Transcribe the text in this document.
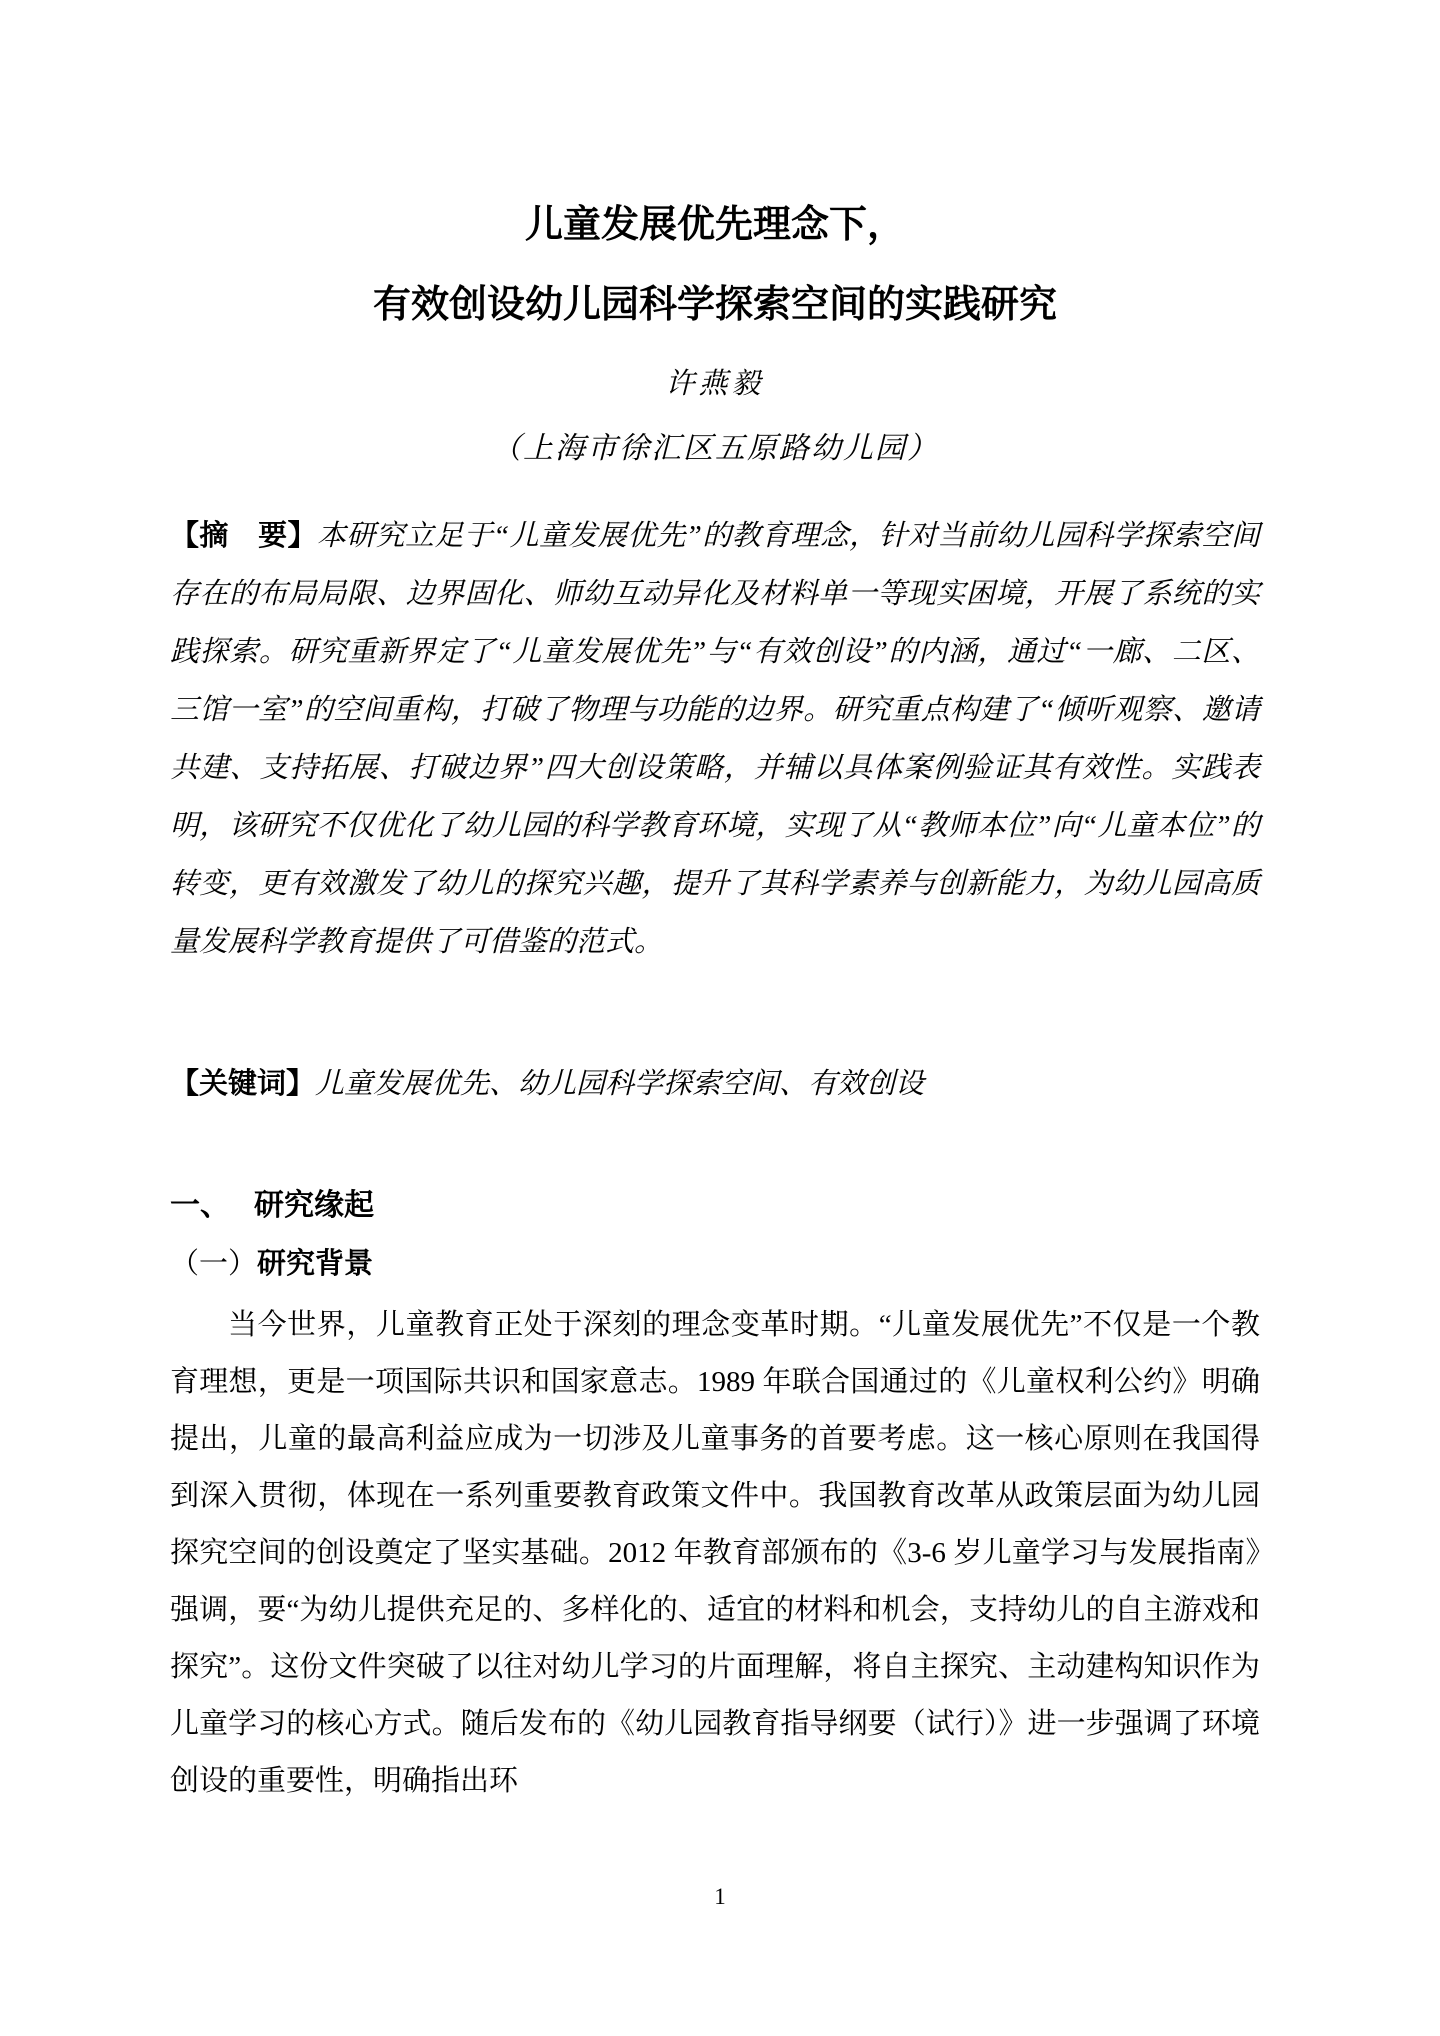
儿童发展优先理念下，
有效创设幼儿园科学探索空间的实践研究
许燕毅
（上海市徐汇区五原路幼儿园）

【摘　要】本研究立足于“儿童发展优先”的教育理念，针对当前幼儿园科学探索空间存在的布局局限、边界固化、师幼互动异化及材料单一等现实困境，开展了系统的实践探索。研究重新界定了“儿童发展优先”与“有效创设”的内涵，通过“一廊、二区、三馆一室”的空间重构，打破了物理与功能的边界。研究重点构建了“倾听观察、邀请共建、支持拓展、打破边界”四大创设策略，并辅以具体案例验证其有效性。实践表明，该研究不仅优化了幼儿园的科学教育环境，实现了从“教师本位”向“儿童本位”的转变，更有效激发了幼儿的探究兴趣，提升了其科学素养与创新能力，为幼儿园高质量发展科学教育提供了可借鉴的范式。

【关键词】儿童发展优先、幼儿园科学探索空间、有效创设

一、 研究缘起
（一）研究背景

当今世界，儿童教育正处于深刻的理念变革时期。“儿童发展优先”不仅是一个教育理想，更是一项国际共识和国家意志。1989 年联合国通过的《儿童权利公约》明确提出，儿童的最高利益应成为一切涉及儿童事务的首要考虑。这一核心原则在我国得到深入贯彻，体现在一系列重要教育政策文件中。我国教育改革从政策层面为幼儿园探究空间的创设奠定了坚实基础。2012 年教育部颁布的《3-6 岁儿童学习与发展指南》强调，要“为幼儿提供充足的、多样化的、适宜的材料和机会，支持幼儿的自主游戏和探究”。这份文件突破了以往对幼儿学习的片面理解，将自主探究、主动建构知识作为儿童学习的核心方式。随后发布的《幼儿园教育指导纲要（试行）》进一步强调了环境创设的重要性，明确指出环

1
